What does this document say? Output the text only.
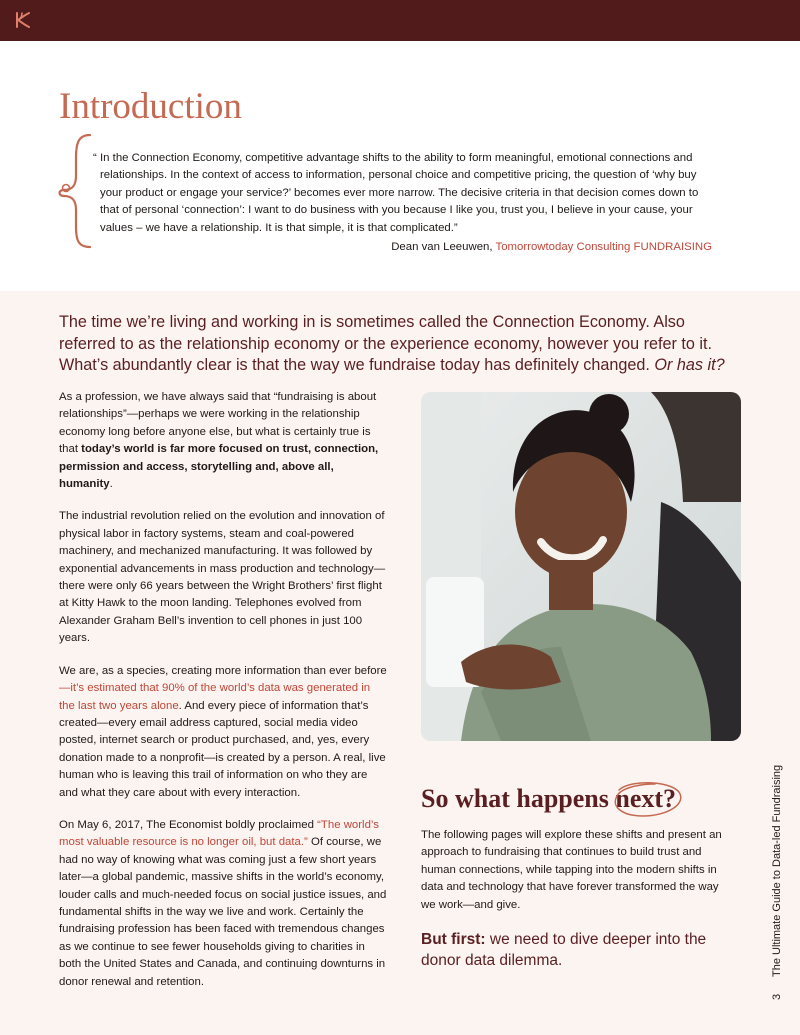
Introduction
“ In the Connection Economy, competitive advantage shifts to the ability to form meaningful, emotional connections and relationships. In the context of access to information, personal choice and competitive pricing, the question of ‘why buy your product or engage your service?’ becomes ever more narrow. The decisive criteria in that decision comes down to that of personal ‘connection’: I want to do business with you because I like you, trust you, I believe in your cause, your values – we have a relationship. It is that simple, it is that complicated.”

Dean van Leeuwen, Tomorrowtoday Consulting FUNDRAISING

The time we’re living and working in is sometimes called the Connection Economy. Also referred to as the relationship economy or the experience economy, however you refer to it. What’s abundantly clear is that the way we fundraise today has definitely changed. Or has it?

As a profession, we have always said that “fundraising is about relationships”—perhaps we were working in the relationship economy long before anyone else, but what is certainly true is that today’s world is far more focused on trust, connection, permission and access, storytelling and, above all, humanity.

The industrial revolution relied on the evolution and innovation of physical labor in factory systems, steam and coal-powered machinery, and mechanized manufacturing. It was followed by exponential advancements in mass production and technology—there were only 66 years between the Wright Brothers’ first flight at Kitty Hawk to the moon landing. Telephones evolved from Alexander Graham Bell’s invention to cell phones in just 100 years.

We are, as a species, creating more information than ever before—it’s estimated that 90% of the world’s data was generated in the last two years alone. And every piece of information that’s created—every email address captured, social media video posted, internet search or product purchased, and, yes, every donation made to a nonprofit—is created by a person. A real, live human who is leaving this trail of information on who they are and what they care about with every interaction.

On May 6, 2017, The Economist boldly proclaimed “The world’s most valuable resource is no longer oil, but data.” Of course, we had no way of knowing what was coming just a few short years later—a global pandemic, massive shifts in the world’s economy, louder calls and much-needed focus on social justice issues, and fundamental shifts in the way we live and work. Certainly the fundraising profession has been faced with tremendous changes as we continue to see fewer households giving to charities in both the United States and Canada, and continuing downturns in donor renewal and retention.

So what happens next?

The following pages will explore these shifts and present an approach to fundraising that continues to build trust and human connections, while tapping into the modern shifts in data and technology that have forever transformed the way we work—and give.

But first: we need to dive deeper into the donor data dilemma.

3 The Ultimate Guide to Data-led Fundraising
